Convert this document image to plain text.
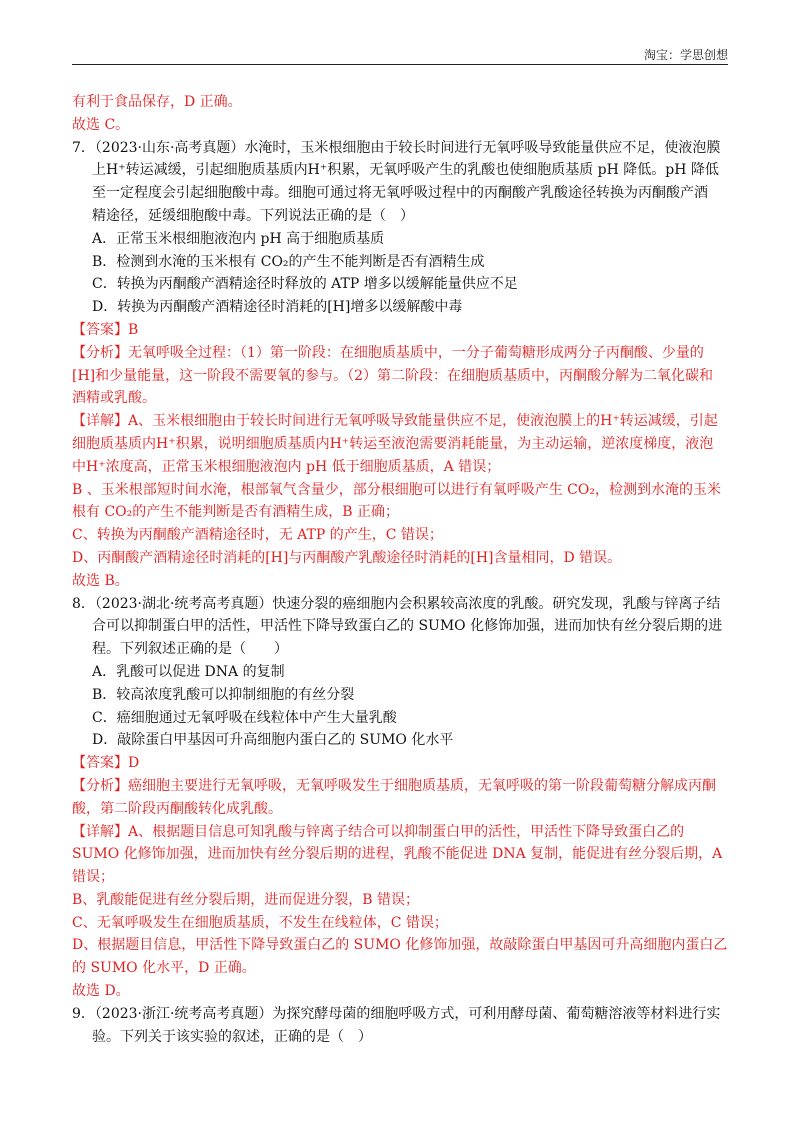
淘宝：学思创想
有利于食品保存，D 正确。
故选 C。
7．（2023·山东·高考真题）水淹时，玉米根细胞由于较长时间进行无氧呼吸导致能量供应不足，使液泡膜
上H⁺转运减缓，引起细胞质基质内H⁺积累，无氧呼吸产生的乳酸也使细胞质基质 pH 降低。pH 降低
至一定程度会引起细胞酸中毒。细胞可通过将无氧呼吸过程中的丙酮酸产乳酸途径转换为丙酮酸产酒
精途径，延缓细胞酸中毒。下列说法正确的是（　）
A．正常玉米根细胞液泡内 pH 高于细胞质基质
B．检测到水淹的玉米根有 CO₂的产生不能判断是否有酒精生成
C．转换为丙酮酸产酒精途径时释放的 ATP 增多以缓解能量供应不足
D．转换为丙酮酸产酒精途径时消耗的[H]增多以缓解酸中毒
【答案】B
【分析】无氧呼吸全过程：（1）第一阶段：在细胞质基质中，一分子葡萄糖形成两分子丙酮酸、少量的
[H]和少量能量，这一阶段不需要氧的参与。（2）第二阶段：在细胞质基质中，丙酮酸分解为二氧化碳和
酒精或乳酸。
【详解】A、玉米根细胞由于较长时间进行无氧呼吸导致能量供应不足，使液泡膜上的H⁺转运减缓，引起
细胞质基质内H⁺积累，说明细胞质基质内H⁺转运至液泡需要消耗能量，为主动运输，逆浓度梯度，液泡
中H⁺浓度高，正常玉米根细胞液泡内 pH 低于细胞质基质，A 错误；
B 、玉米根部短时间水淹，根部氧气含量少，部分根细胞可以进行有氧呼吸产生 CO₂，检测到水淹的玉米
根有 CO₂的产生不能判断是否有酒精生成，B 正确；
C、转换为丙酮酸产酒精途径时，无 ATP 的产生，C 错误；
D、丙酮酸产酒精途径时消耗的[H]与丙酮酸产乳酸途径时消耗的[H]含量相同，D 错误。
故选 B。
8．（2023·湖北·统考高考真题）快速分裂的癌细胞内会积累较高浓度的乳酸。研究发现，乳酸与锌离子结
合可以抑制蛋白甲的活性，甲活性下降导致蛋白乙的 SUMO 化修饰加强，进而加快有丝分裂后期的进
程。下列叙述正确的是（　　）
A．乳酸可以促进 DNA 的复制
B．较高浓度乳酸可以抑制细胞的有丝分裂
C．癌细胞通过无氧呼吸在线粒体中产生大量乳酸
D．敲除蛋白甲基因可升高细胞内蛋白乙的 SUMO 化水平
【答案】D
【分析】癌细胞主要进行无氧呼吸，无氧呼吸发生于细胞质基质，无氧呼吸的第一阶段葡萄糖分解成丙酮
酸，第二阶段丙酮酸转化成乳酸。
【详解】A、根据题目信息可知乳酸与锌离子结合可以抑制蛋白甲的活性，甲活性下降导致蛋白乙的
SUMO 化修饰加强，进而加快有丝分裂后期的进程，乳酸不能促进 DNA 复制，能促进有丝分裂后期，A
错误；
B、乳酸能促进有丝分裂后期，进而促进分裂，B 错误；
C、无氧呼吸发生在细胞质基质，不发生在线粒体，C 错误；
D、根据题目信息，甲活性下降导致蛋白乙的 SUMO 化修饰加强，故敲除蛋白甲基因可升高细胞内蛋白乙
的 SUMO 化水平，D 正确。
故选 D。
9．（2023·浙江·统考高考真题）为探究酵母菌的细胞呼吸方式，可利用酵母菌、葡萄糖溶液等材料进行实
验。下列关于该实验的叙述，正确的是（　）
